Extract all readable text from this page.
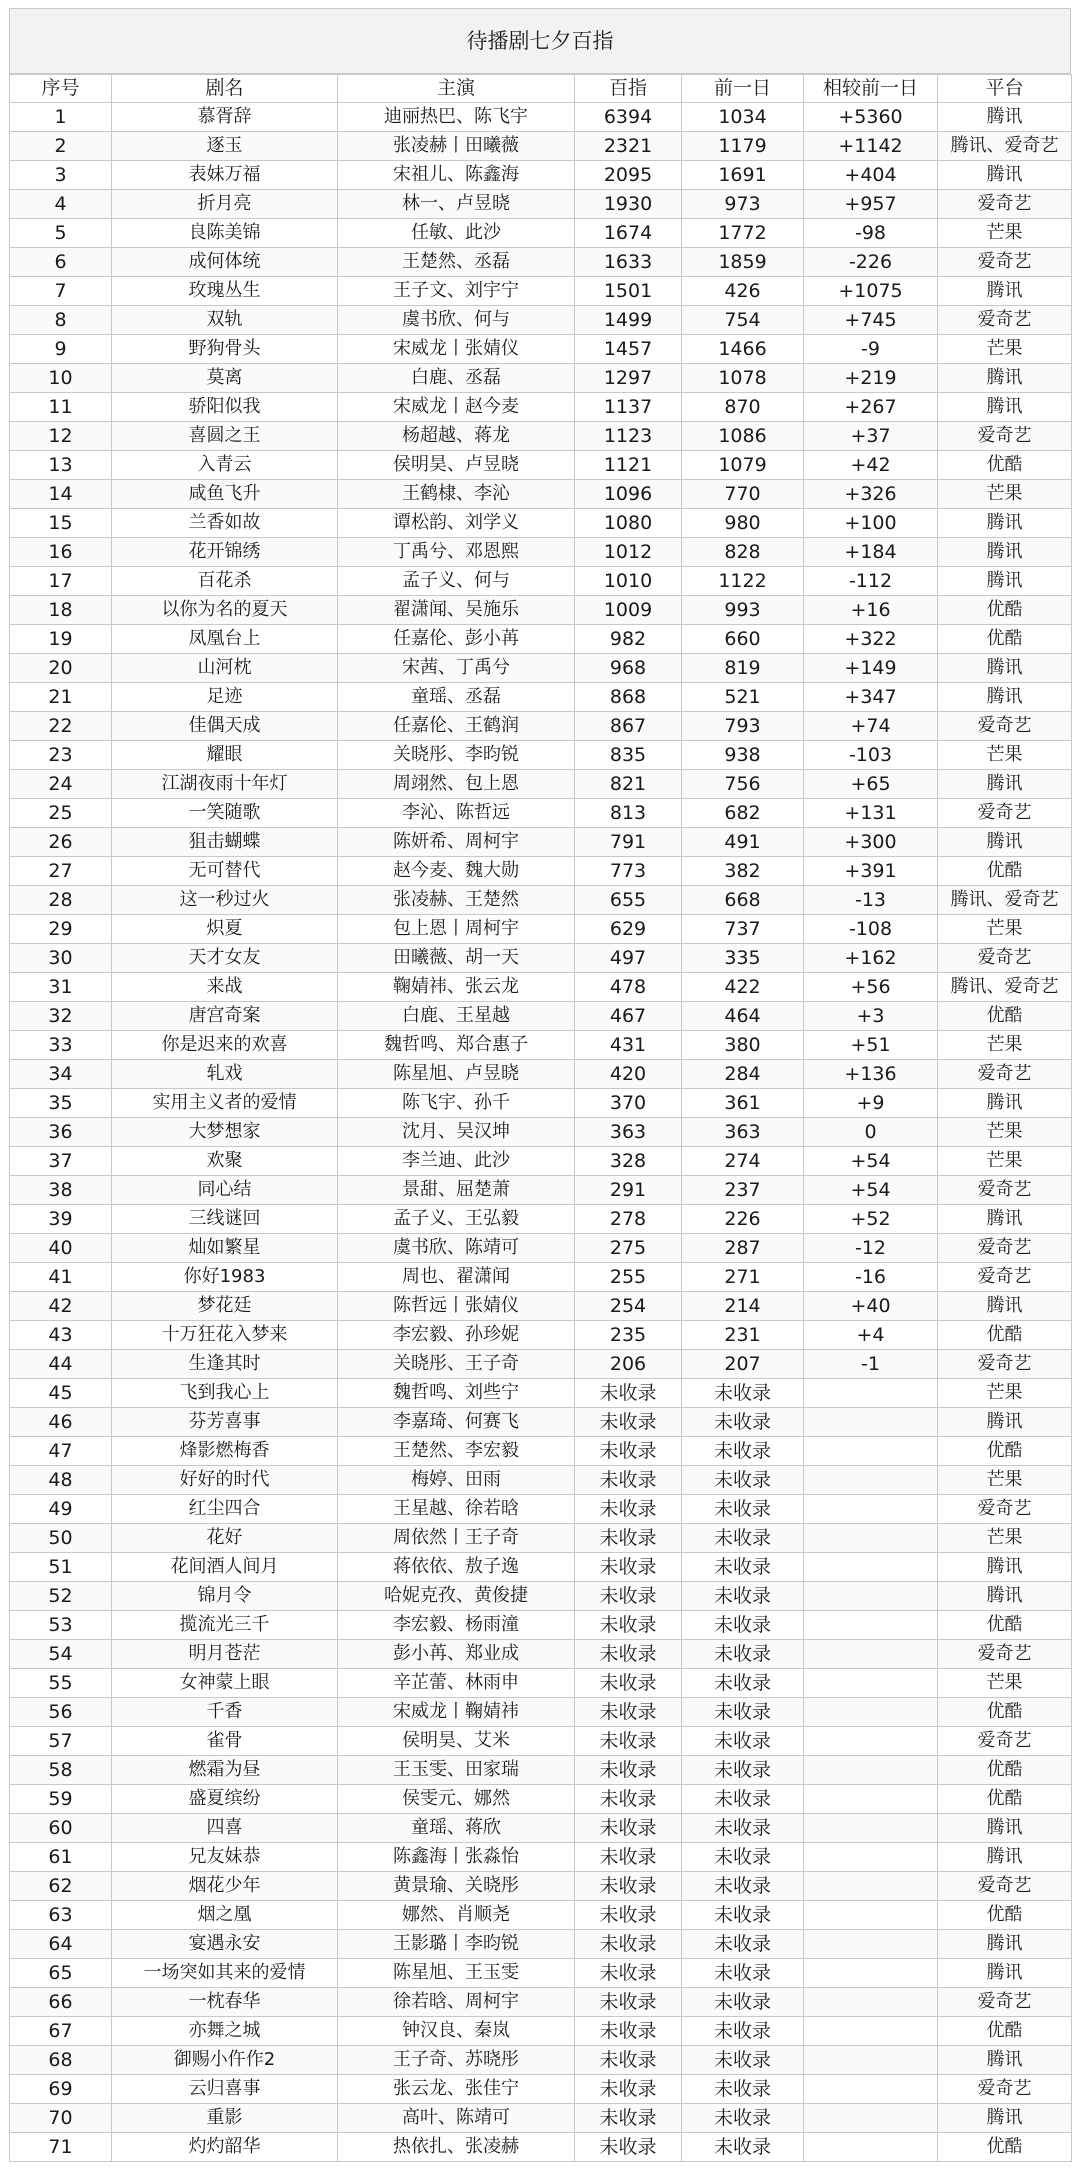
待播剧七夕百指
序号	剧名	主演	百指	前一日	相较前一日	平台
1	慕胥辞	迪丽热巴、陈飞宇	6394	1034	+5360	腾讯
2	逐玉	张凌赫丨田曦薇	2321	1179	+1142	腾讯、爱奇艺
3	表妹万福	宋祖儿、陈鑫海	2095	1691	+404	腾讯
4	折月亮	林一、卢昱晓	1930	973	+957	爱奇艺
5	良陈美锦	任敏、此沙	1674	1772	-98	芒果
6	成何体统	王楚然、丞磊	1633	1859	-226	爱奇艺
7	玫瑰丛生	王子文、刘宇宁	1501	426	+1075	腾讯
8	双轨	虞书欣、何与	1499	754	+745	爱奇艺
9	野狗骨头	宋威龙丨张婧仪	1457	1466	-9	芒果
10	莫离	白鹿、丞磊	1297	1078	+219	腾讯
11	骄阳似我	宋威龙丨赵今麦	1137	870	+267	腾讯
12	喜圆之王	杨超越、蒋龙	1123	1086	+37	爱奇艺
13	入青云	侯明昊、卢昱晓	1121	1079	+42	优酷
14	咸鱼飞升	王鹤棣、李沁	1096	770	+326	芒果
15	兰香如故	谭松韵、刘学义	1080	980	+100	腾讯
16	花开锦绣	丁禹兮、邓恩熙	1012	828	+184	腾讯
17	百花杀	孟子义、何与	1010	1122	-112	腾讯
18	以你为名的夏天	翟潇闻、吴施乐	1009	993	+16	优酷
19	凤凰台上	任嘉伦、彭小苒	982	660	+322	优酷
20	山河枕	宋茜、丁禹兮	968	819	+149	腾讯
21	足迹	童瑶、丞磊	868	521	+347	腾讯
22	佳偶天成	任嘉伦、王鹤润	867	793	+74	爱奇艺
23	耀眼	关晓彤、李昀锐	835	938	-103	芒果
24	江湖夜雨十年灯	周翊然、包上恩	821	756	+65	腾讯
25	一笑随歌	李沁、陈哲远	813	682	+131	爱奇艺
26	狙击蝴蝶	陈妍希、周柯宇	791	491	+300	腾讯
27	无可替代	赵今麦、魏大勋	773	382	+391	优酷
28	这一秒过火	张凌赫、王楚然	655	668	-13	腾讯、爱奇艺
29	炽夏	包上恩丨周柯宇	629	737	-108	芒果
30	天才女友	田曦薇、胡一天	497	335	+162	爱奇艺
31	来战	鞠婧祎、张云龙	478	422	+56	腾讯、爱奇艺
32	唐宫奇案	白鹿、王星越	467	464	+3	优酷
33	你是迟来的欢喜	魏哲鸣、郑合惠子	431	380	+51	芒果
34	轧戏	陈星旭、卢昱晓	420	284	+136	爱奇艺
35	实用主义者的爱情	陈飞宇、孙千	370	361	+9	腾讯
36	大梦想家	沈月、吴汉坤	363	363	0	芒果
37	欢聚	李兰迪、此沙	328	274	+54	芒果
38	同心结	景甜、屈楚萧	291	237	+54	爱奇艺
39	三线谜回	孟子义、王弘毅	278	226	+52	腾讯
40	灿如繁星	虞书欣、陈靖可	275	287	-12	爱奇艺
41	你好1983	周也、翟潇闻	255	271	-16	爱奇艺
42	梦花廷	陈哲远丨张婧仪	254	214	+40	腾讯
43	十万狂花入梦来	李宏毅、孙珍妮	235	231	+4	优酷
44	生逢其时	关晓彤、王子奇	206	207	-1	爱奇艺
45	飞到我心上	魏哲鸣、刘些宁	未收录	未收录		芒果
46	芬芳喜事	李嘉琦、何赛飞	未收录	未收录		腾讯
47	烽影燃梅香	王楚然、李宏毅	未收录	未收录		优酷
48	好好的时代	梅婷、田雨	未收录	未收录		芒果
49	红尘四合	王星越、徐若晗	未收录	未收录		爱奇艺
50	花好	周依然丨王子奇	未收录	未收录		芒果
51	花间酒人间月	蒋依依、敖子逸	未收录	未收录		腾讯
52	锦月令	哈妮克孜、黄俊捷	未收录	未收录		腾讯
53	揽流光三千	李宏毅、杨雨潼	未收录	未收录		优酷
54	明月苍茫	彭小苒、郑业成	未收录	未收录		爱奇艺
55	女神蒙上眼	辛芷蕾、林雨申	未收录	未收录		芒果
56	千香	宋威龙丨鞠婧祎	未收录	未收录		优酷
57	雀骨	侯明昊、艾米	未收录	未收录		爱奇艺
58	燃霜为昼	王玉雯、田家瑞	未收录	未收录		优酷
59	盛夏缤纷	侯雯元、娜然	未收录	未收录		优酷
60	四喜	童瑶、蒋欣	未收录	未收录		腾讯
61	兄友妹恭	陈鑫海丨张淼怡	未收录	未收录		腾讯
62	烟花少年	黄景瑜、关晓彤	未收录	未收录		爱奇艺
63	烟之凰	娜然、肖顺尧	未收录	未收录		优酷
64	宴遇永安	王影璐丨李昀锐	未收录	未收录		腾讯
65	一场突如其来的爱情	陈星旭、王玉雯	未收录	未收录		腾讯
66	一枕春华	徐若晗、周柯宇	未收录	未收录		爱奇艺
67	亦舞之城	钟汉良、秦岚	未收录	未收录		优酷
68	御赐小仵作2	王子奇、苏晓彤	未收录	未收录		腾讯
69	云归喜事	张云龙、张佳宁	未收录	未收录		爱奇艺
70	重影	高叶、陈靖可	未收录	未收录		腾讯
71	灼灼韶华	热依扎、张凌赫	未收录	未收录		优酷
